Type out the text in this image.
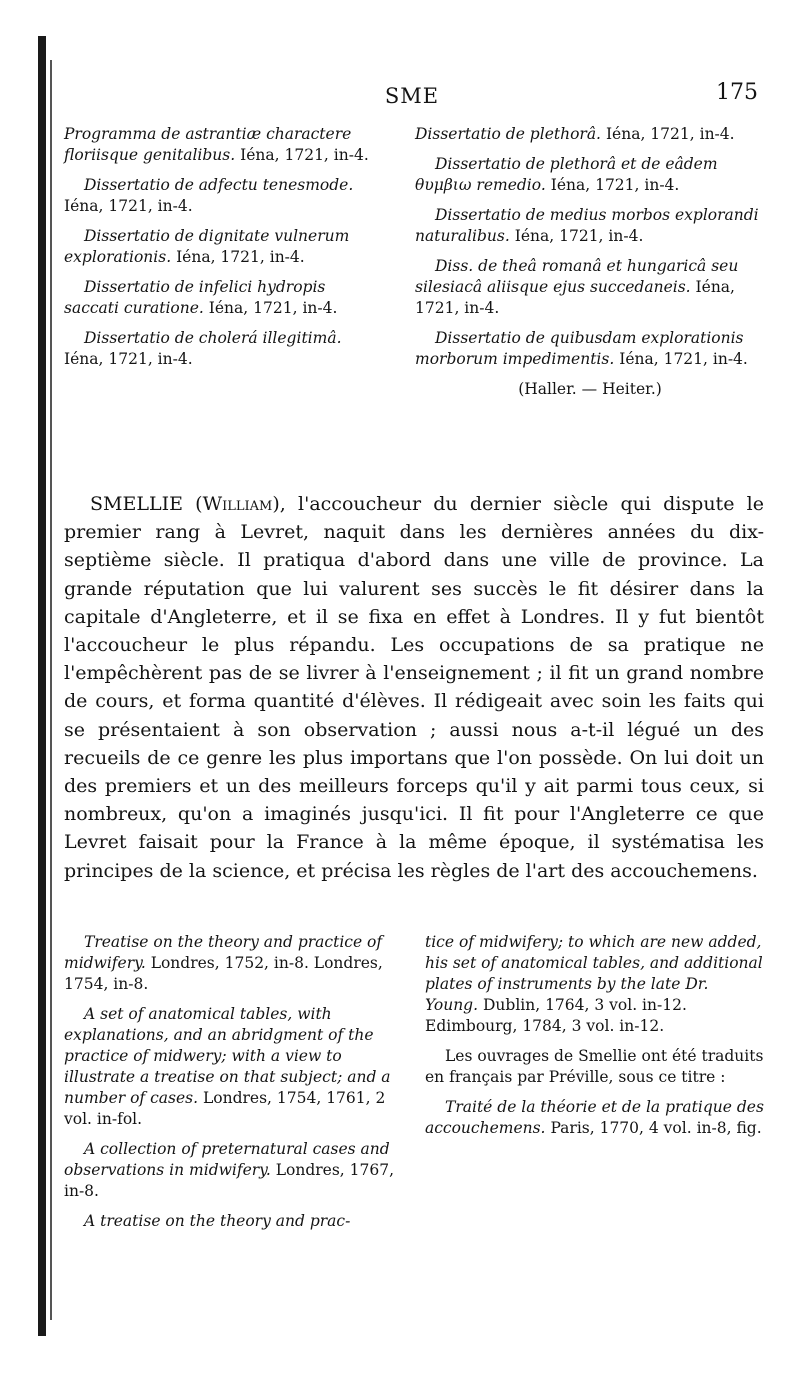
SME	175

Programma de astrantiæ charactere floriisque genitalibus. Iéna, 1721, in-4.

Dissertatio de adfectu tenesmode. Iéna, 1721, in-4.

Dissertatio de dignitate vulnerum explorationis. Iéna, 1721, in-4.

Dissertatio de infelici hydropis saccati curatione. Iéna, 1721, in-4.

Dissertatio de cholerá illegitimâ. Iéna, 1721, in-4.

Dissertatio de plethorâ. Iéna, 1721, in-4.

Dissertatio de plethorâ et de eâdem θυμβιω remedio. Iéna, 1721, in-4.

Dissertatio de medius morbos explorandi naturalibus. Iéna, 1721, in-4.

Diss. de theâ romanâ et hungaricâ seu silesiacâ aliisque ejus succedaneis. Iéna, 1721, in-4.

Dissertatio de quibusdam explorationis morborum impedimentis. Iéna, 1721, in-4.

(Haller. — Heiter.)

SMELLIE (William), l'accoucheur du dernier siècle qui dispute le premier rang à Levret, naquit dans les dernières années du dix-septième siècle. Il pratiqua d'abord dans une ville de province. La grande réputation que lui valurent ses succès le fit désirer dans la capitale d'Angleterre, et il se fixa en effet à Londres. Il y fut bientôt l'accoucheur le plus répandu. Les occupations de sa pratique ne l'empêchèrent pas de se livrer à l'enseignement ; il fit un grand nombre de cours, et forma quantité d'élèves. Il rédigeait avec soin les faits qui se présentaient à son observation ; aussi nous a-t-il légué un des recueils de ce genre les plus importans que l'on possède. On lui doit un des premiers et un des meilleurs forceps qu'il y ait parmi tous ceux, si nombreux, qu'on a imaginés jusqu'ici. Il fit pour l'Angleterre ce que Levret faisait pour la France à la même époque, il systématisa les principes de la science, et précisa les règles de l'art des accouchemens.

Treatise on the theory and practice of midwifery. Londres, 1752, in-8. Londres, 1754, in-8.

A set of anatomical tables, with explanations, and an abridgment of the practice of midwery; with a view to illustrate a treatise on that subject; and a number of cases. Londres, 1754, 1761, 2 vol. in-fol.

A collection of preternatural cases and observations in midwifery. Londres, 1767, in-8.

A treatise on the theory and prac-

tice of midwifery; to which are new added, his set of anatomical tables, and additional plates of instruments by the late Dr. Young. Dublin, 1764, 3 vol. in-12. Edimbourg, 1784, 3 vol. in-12.

Les ouvrages de Smellie ont été traduits en français par Préville, sous ce titre :

Traité de la théorie et de la pratique des accouchemens. Paris, 1770, 4 vol. in-8, fig.
